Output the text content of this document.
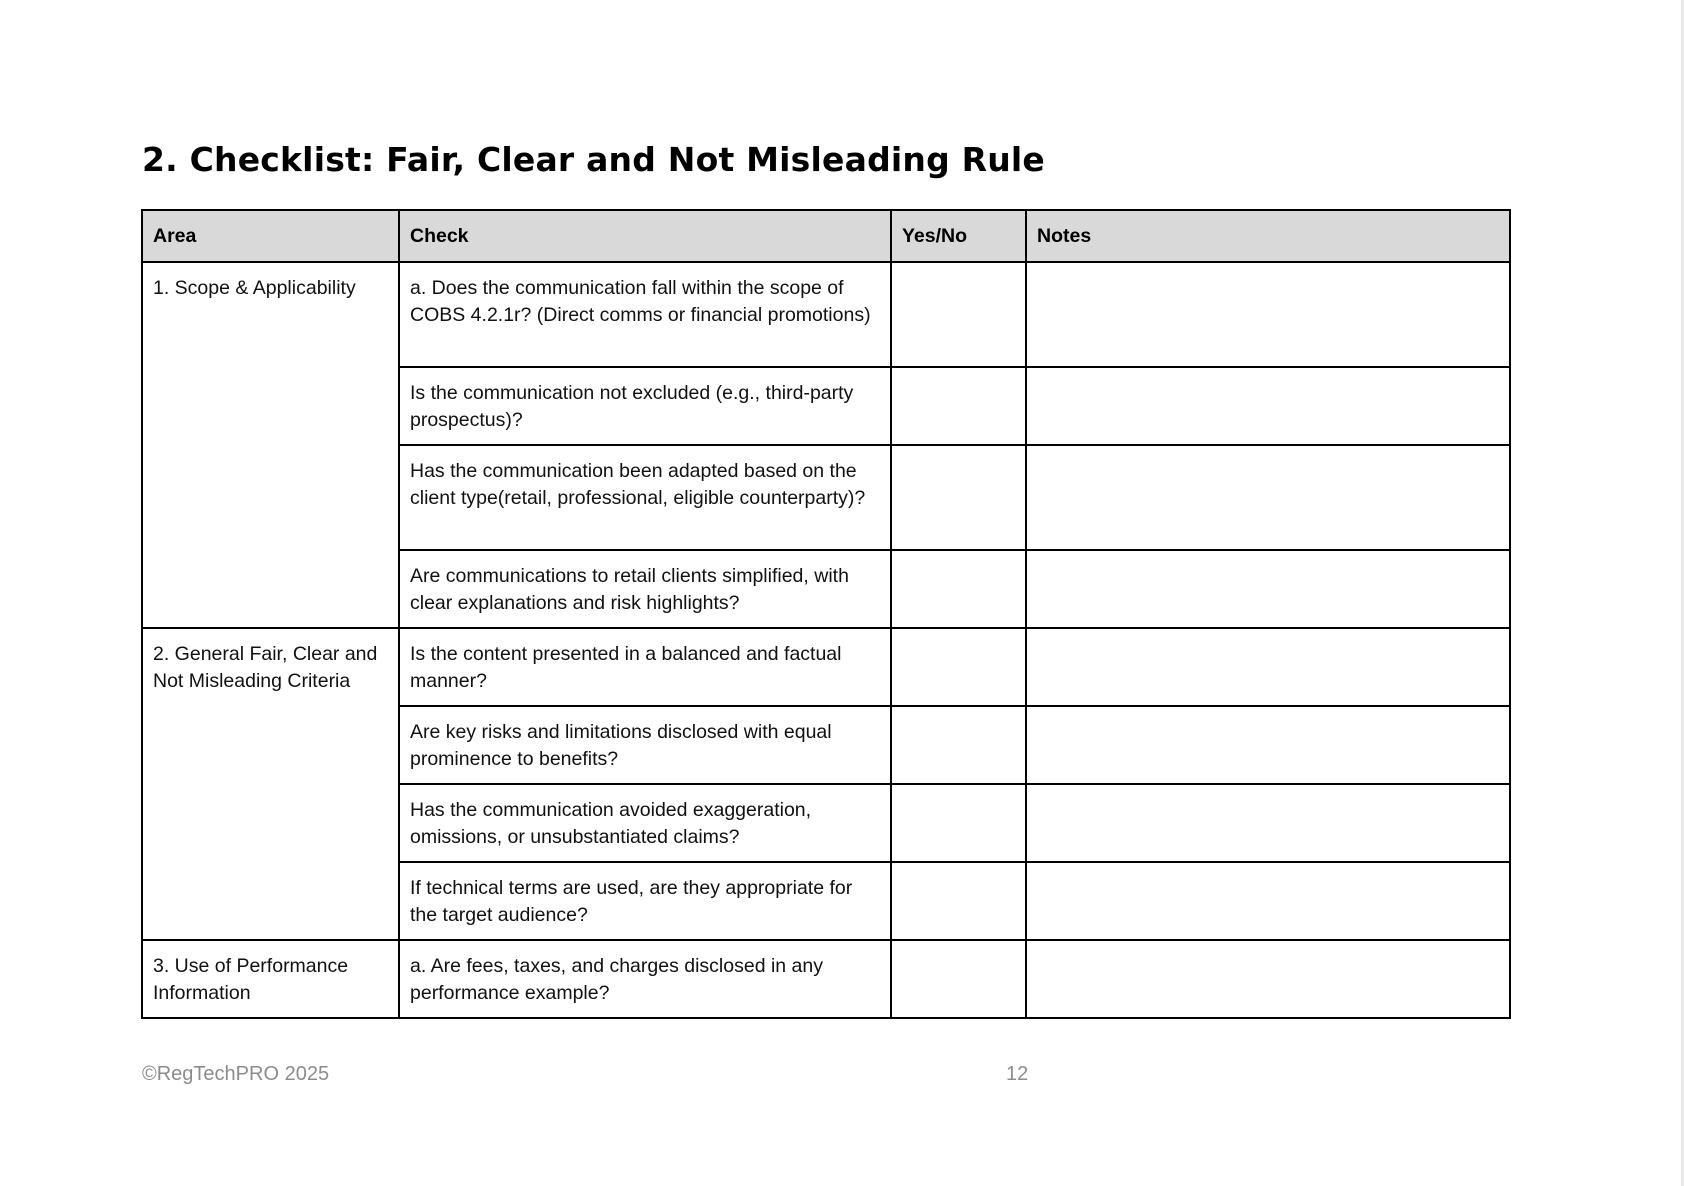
2. Checklist: Fair, Clear and Not Misleading Rule
Area	Check	Yes/No	Notes
1. Scope & Applicability	a. Does the communication fall within the scope of COBS 4.2.1r? (Direct comms or financial promotions)		
	Is the communication not excluded (e.g., third-party prospectus)?		
	Has the communication been adapted based on the client type(retail, professional, eligible counterparty)?		
	Are communications to retail clients simplified, with clear explanations and risk highlights?		
2. General Fair, Clear and Not Misleading Criteria	Is the content presented in a balanced and factual manner?		
	Are key risks and limitations disclosed with equal prominence to benefits?		
	Has the communication avoided exaggeration, omissions, or unsubstantiated claims?		
	If technical terms are used, are they appropriate for the target audience?		
3. Use of Performance Information	a. Are fees, taxes, and charges disclosed in any performance example?		
©RegTechPRO 2025	12
